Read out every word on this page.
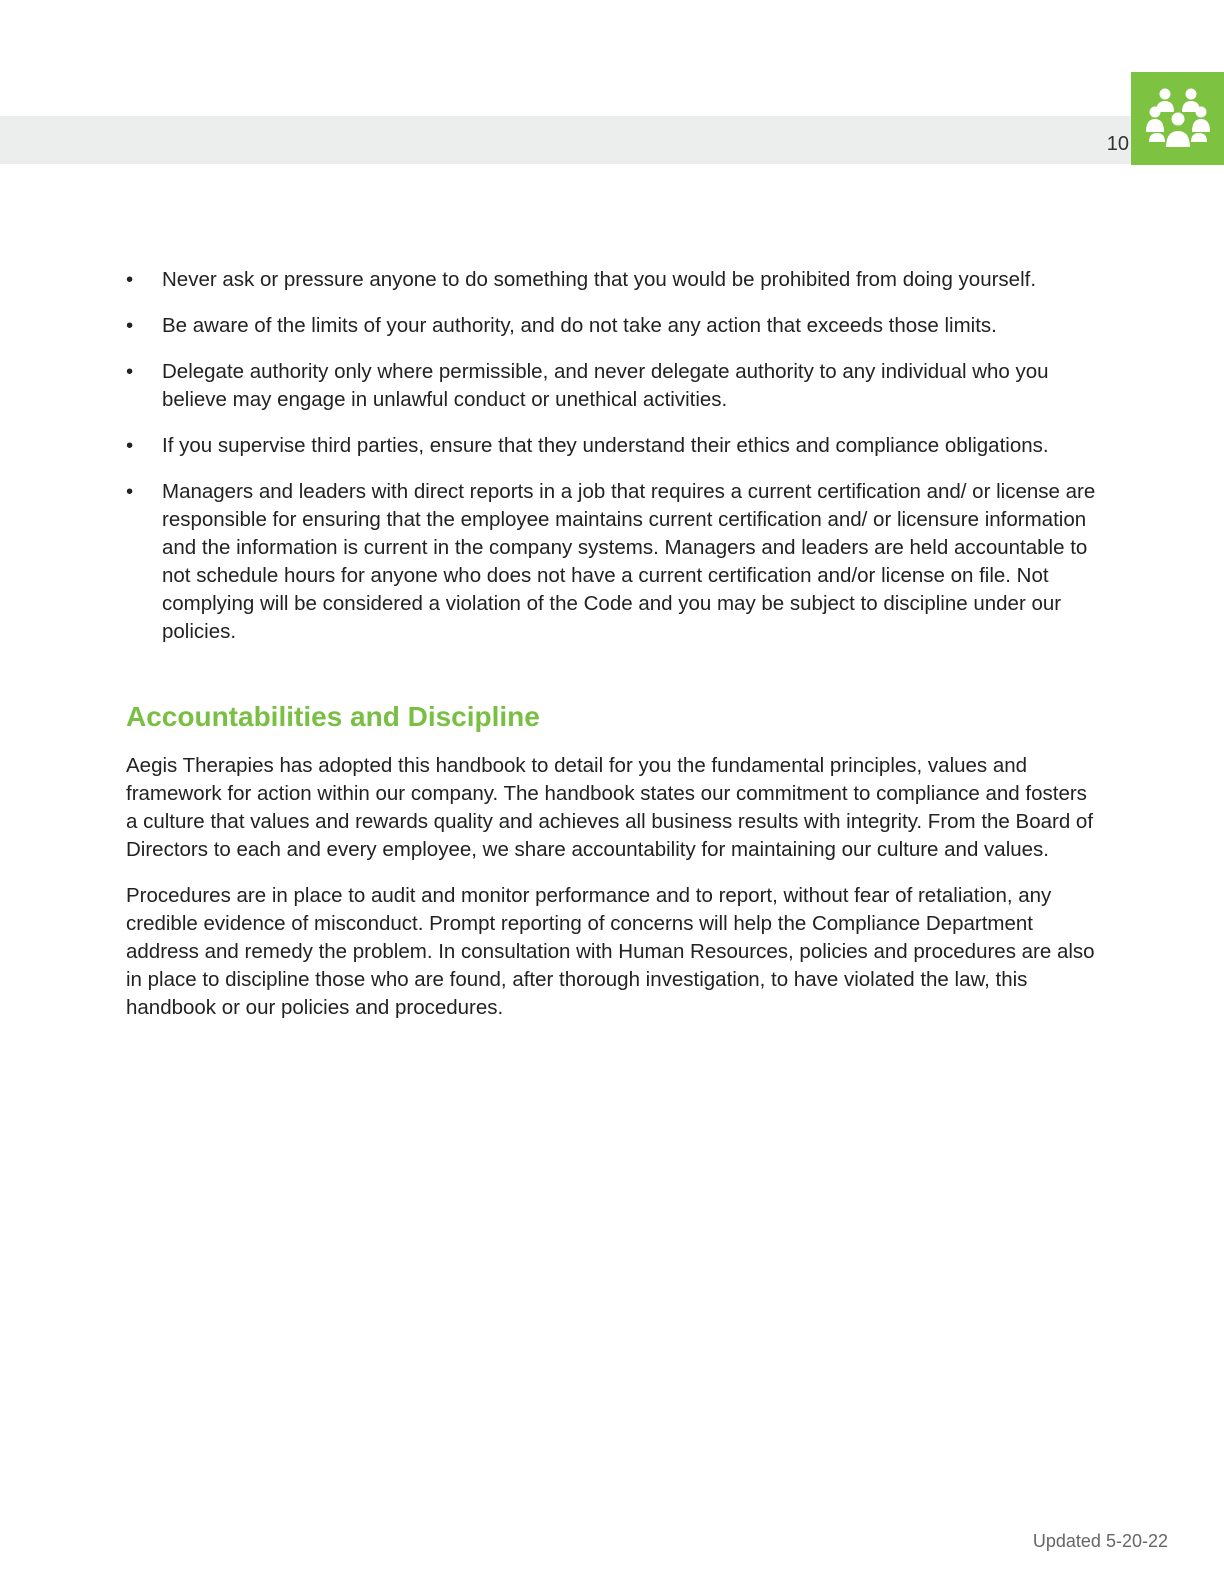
10
• Never ask or pressure anyone to do something that you would be prohibited from doing yourself.
• Be aware of the limits of your authority, and do not take any action that exceeds those limits.
• Delegate authority only where permissible, and never delegate authority to any individual who you believe may engage in unlawful conduct or unethical activities.
• If you supervise third parties, ensure that they understand their ethics and compliance obligations.
• Managers and leaders with direct reports in a job that requires a current certification and/ or license are responsible for ensuring that the employee maintains current certification and/ or licensure information and the information is current in the company systems. Managers and leaders are held accountable to not schedule hours for anyone who does not have a current certification and/or license on file. Not complying will be considered a violation of the Code and you may be subject to discipline under our policies.
Accountabilities and Discipline

Aegis Therapies has adopted this handbook to detail for you the fundamental principles, values and framework for action within our company. The handbook states our commitment to compliance and fosters a culture that values and rewards quality and achieves all business results with integrity. From the Board of Directors to each and every employee, we share accountability for maintaining our culture and values.

Procedures are in place to audit and monitor performance and to report, without fear of retaliation, any credible evidence of misconduct. Prompt reporting of concerns will help the Compliance Department address and remedy the problem. In consultation with Human Resources, policies and procedures are also in place to discipline those who are found, after thorough investigation, to have violated the law, this handbook or our policies and procedures.

Updated 5-20-22
